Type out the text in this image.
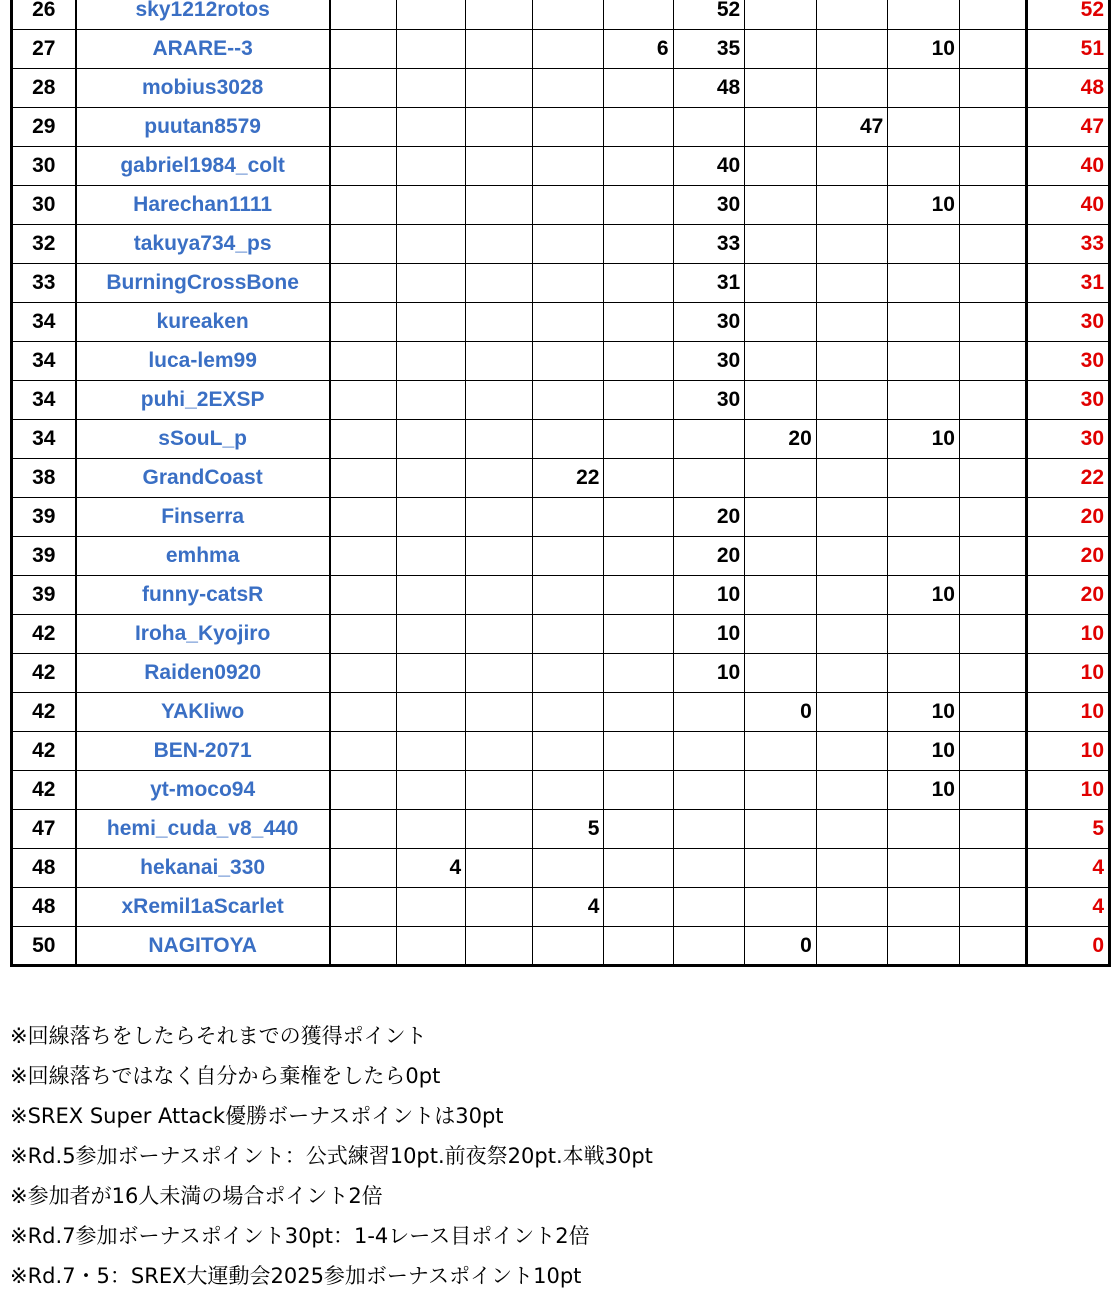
26	sky1212rotos						52					52
27	ARARE--3					6	35			10		51
28	mobius3028						48					48
29	puutan8579								47			47
30	gabriel1984_colt						40					40
30	Harechan1111						30			10		40
32	takuya734_ps						33					33
33	BurningCrossBone						31					31
34	kureaken						30					30
34	luca-lem99						30					30
34	puhi_2EXSP						30					30
34	sSouL_p							20		10		30
38	GrandCoast				22							22
39	Finserra						20					20
39	emhma						20					20
39	funny-catsR						10			10		20
42	Iroha_Kyojiro						10					10
42	Raiden0920						10					10
42	YAKIiwo							0		10		10
42	BEN-2071									10		10
42	yt-moco94									10		10
47	hemi_cuda_v8_440				5							5
48	hekanai_330		4									4
48	xRemil1aScarlet				4							4
50	NAGITOYA							0				0
※回線落ちをしたらそれまでの獲得ポイント
※回線落ちではなく自分から棄権をしたら0pt
※SREX Super Attack優勝ボーナスポイントは30pt
※Rd.5参加ボーナスポイント：公式練習10pt.前夜祭20pt.本戦30pt
※参加者が16人未満の場合ポイント2倍
※Rd.7参加ボーナスポイント30pt：1-4レース目ポイント2倍
※Rd.7・5：SREX大運動会2025参加ボーナスポイント10pt
